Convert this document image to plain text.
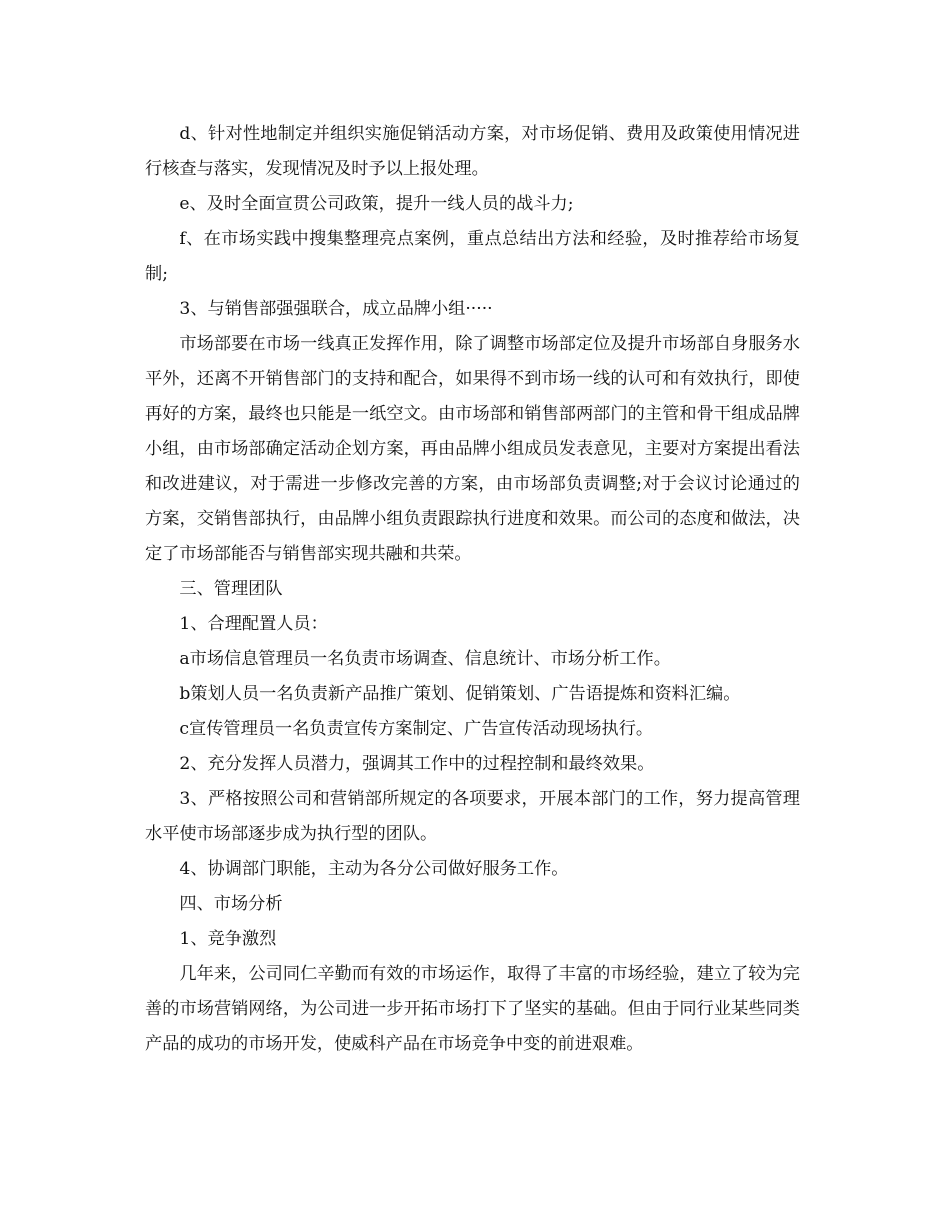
d、针对性地制定并组织实施促销活动方案，对市场促销、费用及政策使用情况进行核查与落实，发现情况及时予以上报处理。

e、及时全面宣贯公司政策，提升一线人员的战斗力;

f、在市场实践中搜集整理亮点案例，重点总结出方法和经验，及时推荐给市场复制;

3、与销售部强强联合，成立品牌小组·····

市场部要在市场一线真正发挥作用，除了调整市场部定位及提升市场部自身服务水平外，还离不开销售部门的支持和配合，如果得不到市场一线的认可和有效执行，即使再好的方案，最终也只能是一纸空文。由市场部和销售部两部门的主管和骨干组成品牌小组，由市场部确定活动企划方案，再由品牌小组成员发表意见，主要对方案提出看法和改进建议，对于需进一步修改完善的方案，由市场部负责调整;对于会议讨论通过的方案，交销售部执行，由品牌小组负责跟踪执行进度和效果。而公司的态度和做法，决定了市场部能否与销售部实现共融和共荣。

三、管理团队

1、合理配置人员：

a市场信息管理员一名负责市场调查、信息统计、市场分析工作。

b策划人员一名负责新产品推广策划、促销策划、广告语提炼和资料汇编。

c宣传管理员一名负责宣传方案制定、广告宣传活动现场执行。

2、充分发挥人员潜力，强调其工作中的过程控制和最终效果。

3、严格按照公司和营销部所规定的各项要求，开展本部门的工作，努力提高管理水平使市场部逐步成为执行型的团队。

4、协调部门职能，主动为各分公司做好服务工作。

四、市场分析

1、竞争激烈

几年来，公司同仁辛勤而有效的市场运作，取得了丰富的市场经验，建立了较为完善的市场营销网络，为公司进一步开拓市场打下了坚实的基础。但由于同行业某些同类产品的成功的市场开发，使威科产品在市场竞争中变的前进艰难。
